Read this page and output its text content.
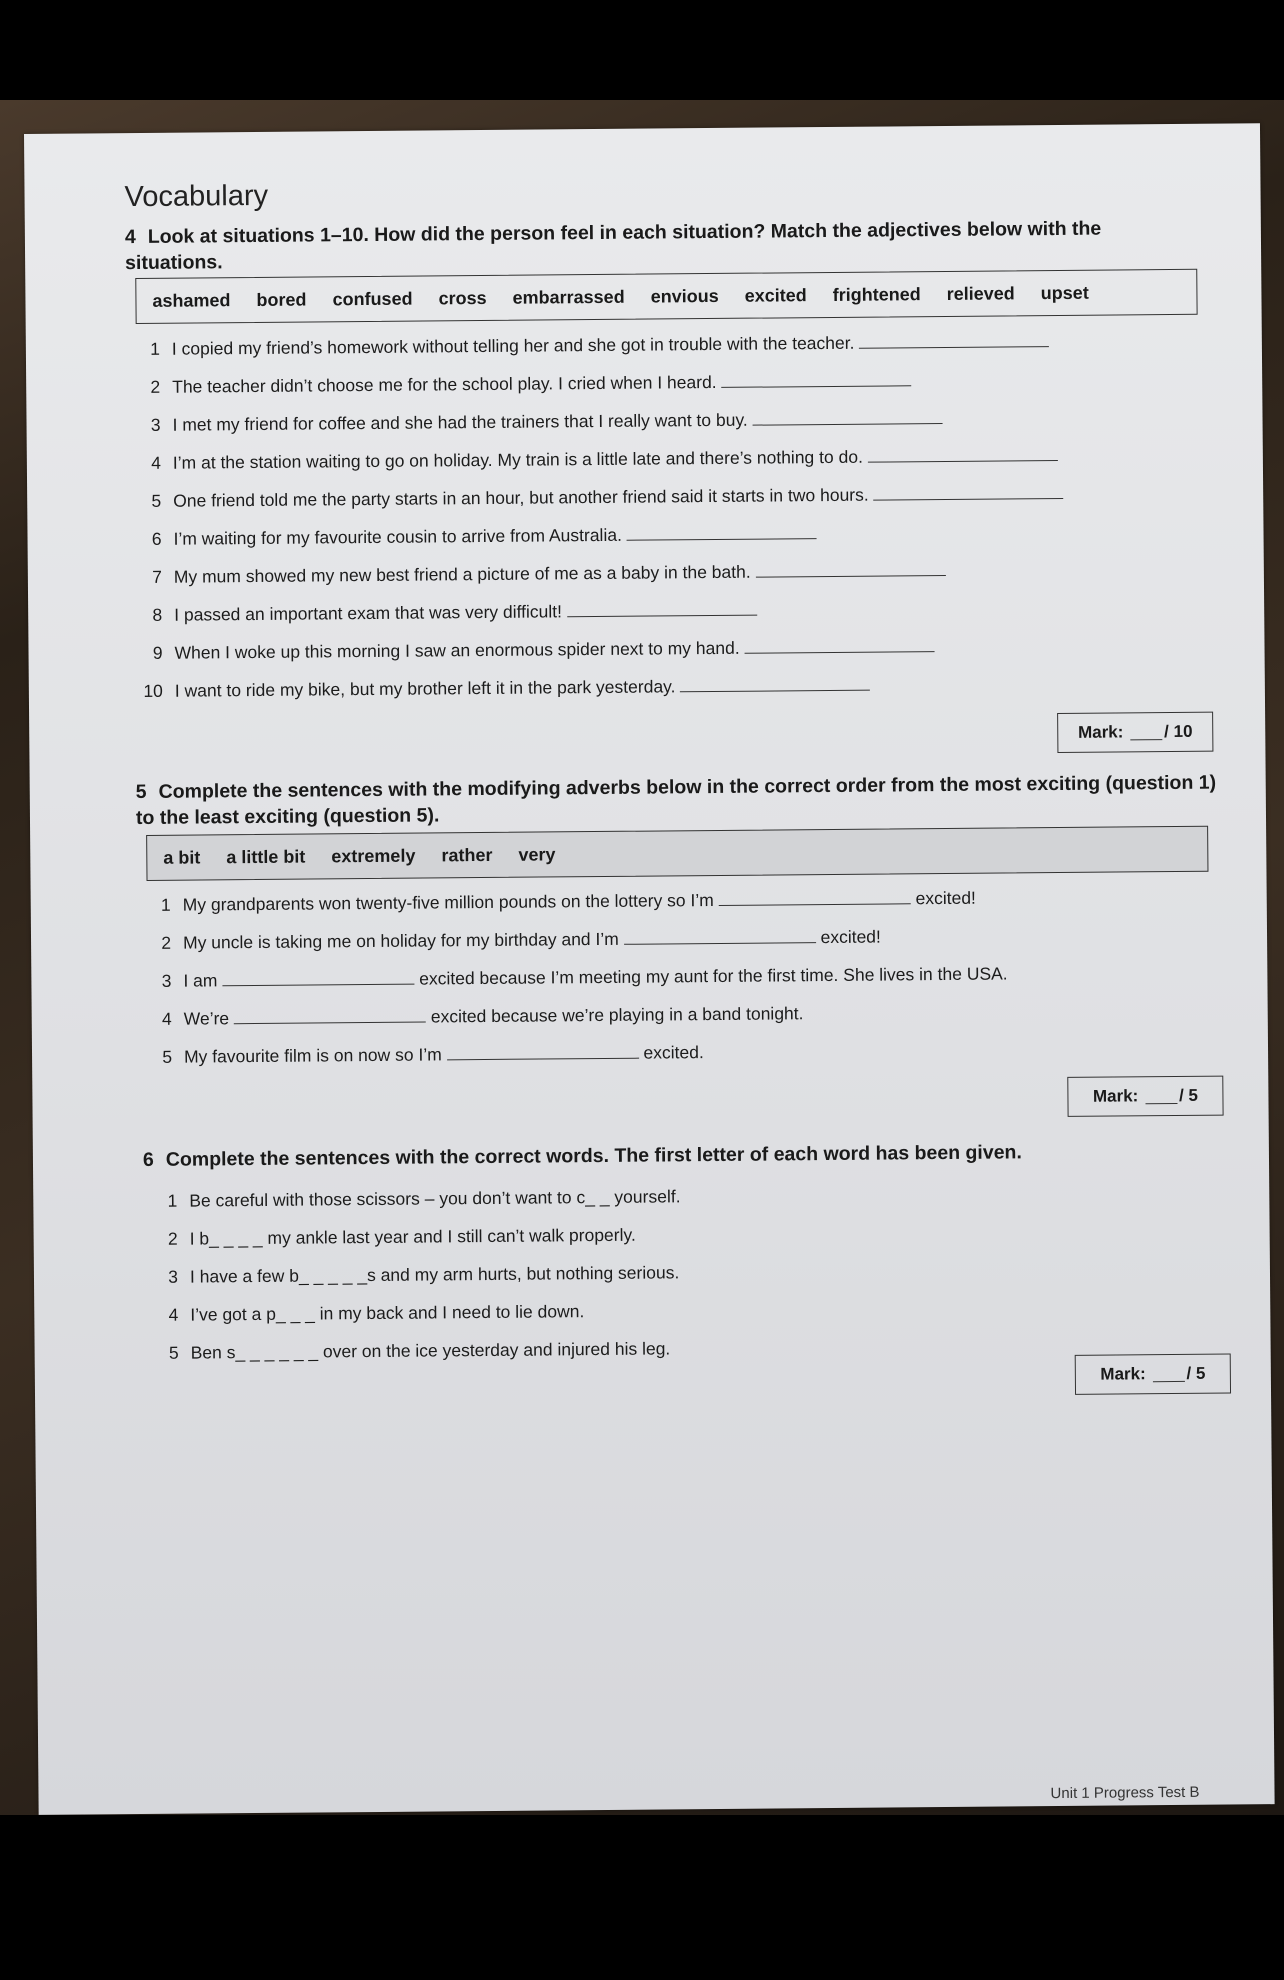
Vocabulary
4 Look at situations 1–10. How did the person feel in each situation? Match the adjectives below with the situations.
ashamed bored confused cross embarrassed envious excited frightened relieved upset
1 I copied my friend’s homework without telling her and she got in trouble with the teacher.
2 The teacher didn’t choose me for the school play. I cried when I heard.
3 I met my friend for coffee and she had the trainers that I really want to buy.
4 I’m at the station waiting to go on holiday. My train is a little late and there’s nothing to do.
5 One friend told me the party starts in an hour, but another friend said it starts in two hours.
6 I’m waiting for my favourite cousin to arrive from Australia.
7 My mum showed my new best friend a picture of me as a baby in the bath.
8 I passed an important exam that was very difficult!
9 When I woke up this morning I saw an enormous spider next to my hand.
10 I want to ride my bike, but my brother left it in the park yesterday.
Mark:
/ 10
5 Complete the sentences with the modifying adverbs below in the correct order from the most exciting (question 1) to the least exciting (question 5).
a bit a little bit extremely rather very
1 My grandparents won twenty-five million pounds on the lottery so I’m	excited!
2 My uncle is taking me on holiday for my birthday and I’m	excited!
3 I am	excited because I’m meeting my aunt for the first time. She lives in the USA.
4 We’re	excited because we’re playing in a band tonight.
5 My favourite film is on now so I’m	excited.
Mark:
/ 5
6 Complete the sentences with the correct words. The first letter of each word has been given.
1 Be careful with those scissors – you don’t want to c_ _ yourself.
2 I b_ _ _ _ my ankle last year and I still can’t walk properly.
3 I have a few b_ _ _ _ _s and my arm hurts, but nothing serious.
4 I’ve got a p_ _ _ in my back and I need to lie down.
5 Ben s_ _ _ _ _ _ over on the ice yesterday and injured his leg.
Mark:
/ 5
Unit 1 Progress Test B
